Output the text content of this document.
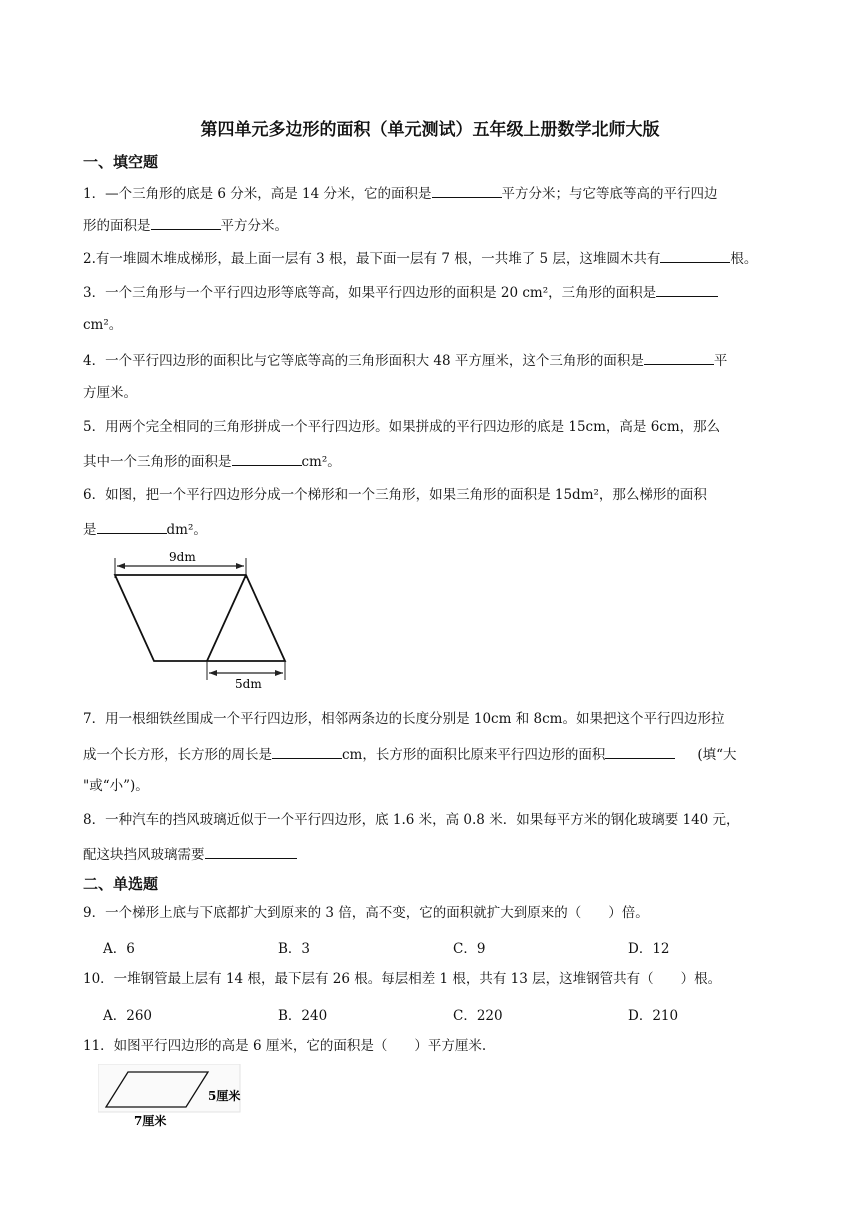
第四单元多边形的面积（单元测试）五年级上册数学北师大版
一、填空题
1．—个三角形的底是 6 分米，高是 14 分米，它的面积是	平方分米；与它等底等高的平行四边
形的面积是	平方分米。
2.有一堆圆木堆成梯形，最上面一层有 3 根，最下面一层有 7 根，一共堆了 5 层，这堆圆木共有	根。
3．一个三角形与一个平行四边形等底等高，如果平行四边形的面积是 20 cm²，三角形的面积是
cm²。
4．一个平行四边形的面积比与它等底等高的三角形面积大 48 平方厘米，这个三角形的面积是	平
方厘米。
5．用两个完全相同的三角形拼成一个平行四边形。如果拼成的平行四边形的底是 15cm，高是 6cm，那么
其中一个三角形的面积是	cm²。
6．如图，把一个平行四边形分成一个梯形和一个三角形，如果三角形的面积是 15dm²，那么梯形的面积
是	dm²。
9dm
5dm
7．用一根细铁丝围成一个平行四边形，相邻两条边的长度分别是 10cm 和 8cm。如果把这个平行四边形拉
成一个长方形，长方形的周长是	cm，长方形的面积比原来平行四边形的面积	(填“大
"或“小”)。
8．一种汽车的挡风玻璃近似于一个平行四边形，底 1.6 米，高 0.8 米．如果每平方米的钢化玻璃要 140 元，
配这块挡风玻璃需要
二、单选题
9．一个梯形上底与下底都扩大到原来的 3 倍，高不变，它的面积就扩大到原来的（　　）倍。
A．6	B．3	C．9	D．12
10．一堆钢管最上层有 14 根，最下层有 26 根。每层相差 1 根，共有 13 层，这堆钢管共有（　　）根。
A．260	B．240	C．220	D．210
11．如图平行四边形的高是 6 厘米，它的面积是（　　）平方厘米.
5厘米
7厘米
